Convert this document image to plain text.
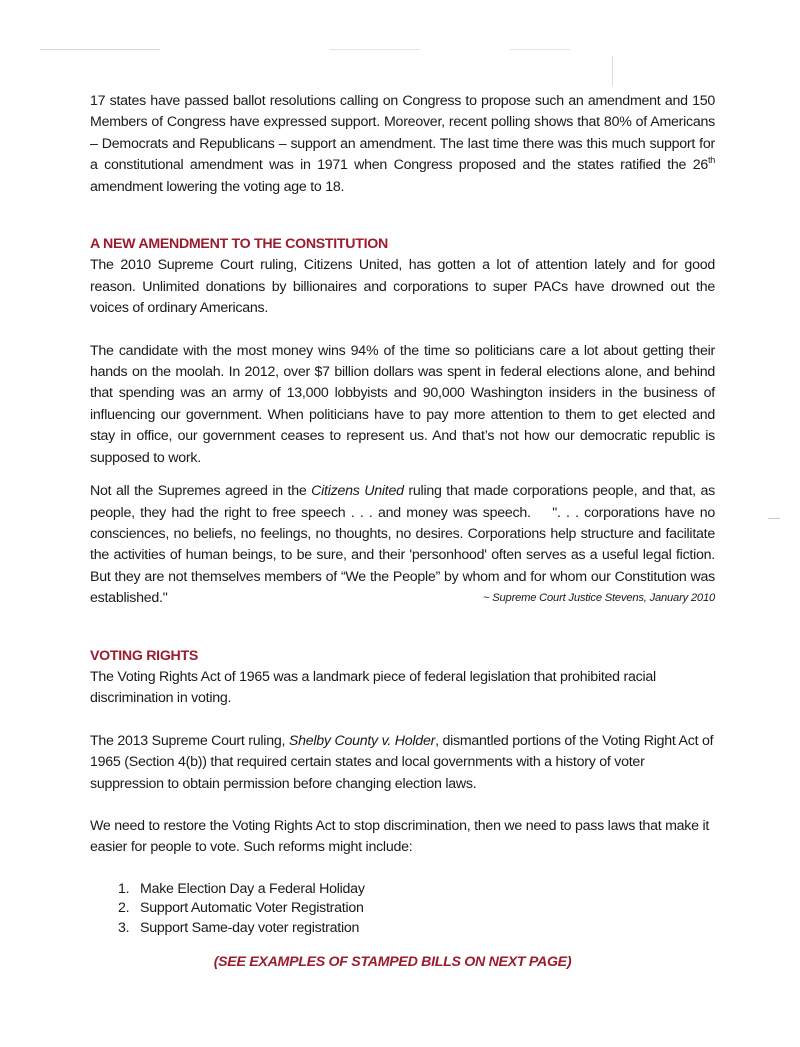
17 states have passed ballot resolutions calling on Congress to propose such an amendment and 150 Members of Congress have expressed support. Moreover, recent polling shows that 80% of Americans – Democrats and Republicans – support an amendment. The last time there was this much support for a constitutional amendment was in 1971 when Congress proposed and the states ratified the 26th amendment lowering the voting age to 18.

A NEW AMENDMENT TO THE CONSTITUTION

The 2010 Supreme Court ruling, Citizens United, has gotten a lot of attention lately and for good reason. Unlimited donations by billionaires and corporations to super PACs have drowned out the voices of ordinary Americans.

The candidate with the most money wins 94% of the time so politicians care a lot about getting their hands on the moolah. In 2012, over $7 billion dollars was spent in federal elections alone, and behind that spending was an army of 13,000 lobbyists and 90,000 Washington insiders in the business of influencing our government. When politicians have to pay more attention to them to get elected and stay in office, our government ceases to represent us. And that’s not how our democratic republic is supposed to work.

Not all the Supremes agreed in the Citizens United ruling that made corporations people, and that, as people, they had the right to free speech . . . and money was speech.    ". . . corporations have no consciences, no beliefs, no feelings, no thoughts, no desires. Corporations help structure and facilitate the activities of human beings, to be sure, and their 'personhood' often serves as a useful legal fiction. But they are not themselves members of “We the People” by whom and for whom our Constitution was established."	~ Supreme Court Justice Stevens, January 2010

VOTING RIGHTS

The Voting Rights Act of 1965 was a landmark piece of federal legislation that prohibited racial discrimination in voting.

The 2013 Supreme Court ruling, Shelby County v. Holder, dismantled portions of the Voting Right Act of 1965 (Section 4(b)) that required certain states and local governments with a history of voter suppression to obtain permission before changing election laws.

We need to restore the Voting Rights Act to stop discrimination, then we need to pass laws that make it easier for people to vote. Such reforms might include:

1. Make Election Day a Federal Holiday
2. Support Automatic Voter Registration
3. Support Same-day voter registration
(SEE EXAMPLES OF STAMPED BILLS ON NEXT PAGE)
